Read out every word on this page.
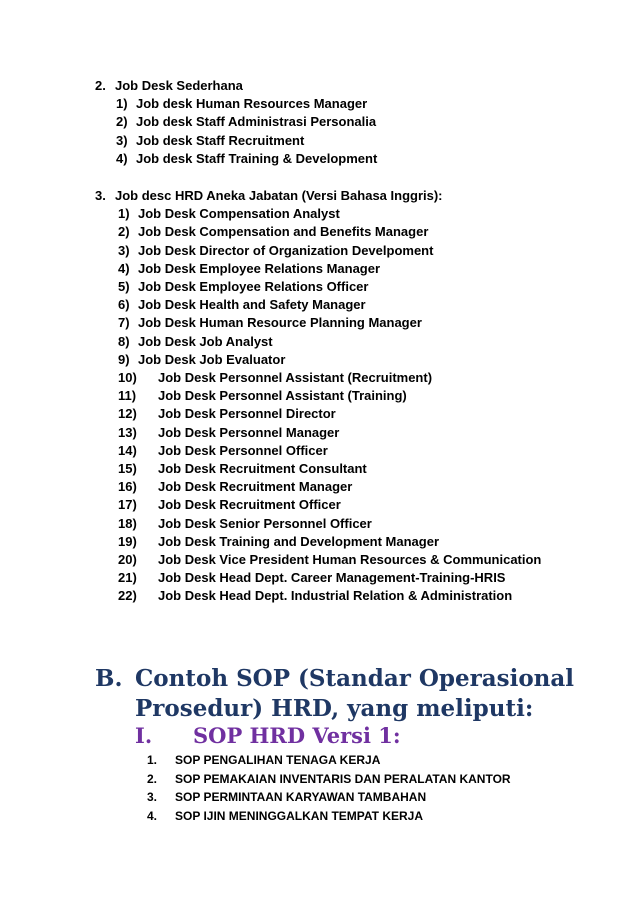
2. Job Desk Sederhana
1) Job desk Human Resources Manager
2) Job desk Staff Administrasi Personalia
3) Job desk Staff Recruitment
4) Job desk Staff Training & Development
3. Job desc HRD Aneka Jabatan (Versi Bahasa Inggris):
1) Job Desk Compensation Analyst
2) Job Desk Compensation and Benefits Manager
3) Job Desk Director of Organization Develpoment
4) Job Desk Employee Relations Manager
5) Job Desk Employee Relations Officer
6) Job Desk Health and Safety Manager
7) Job Desk Human Resource Planning Manager
8) Job Desk Job Analyst
9) Job Desk Job Evaluator
10) Job Desk Personnel Assistant (Recruitment)
11) Job Desk Personnel Assistant (Training)
12) Job Desk Personnel Director
13) Job Desk Personnel Manager
14) Job Desk Personnel Officer
15) Job Desk Recruitment Consultant
16) Job Desk Recruitment Manager
17) Job Desk Recruitment Officer
18) Job Desk Senior Personnel Officer
19) Job Desk Training and Development Manager
20) Job Desk Vice President Human Resources & Communication
21) Job Desk Head Dept. Career Management-Training-HRIS
22) Job Desk Head Dept. Industrial Relation & Administration
B. Contoh SOP (Standar Operasional
Prosedur) HRD, yang meliputi:
I. SOP HRD Versi 1:
1. SOP PENGALIHAN TENAGA KERJA
2. SOP PEMAKAIAN INVENTARIS DAN PERALATAN KANTOR
3. SOP PERMINTAAN KARYAWAN TAMBAHAN
4. SOP IJIN MENINGGALKAN TEMPAT KERJA
